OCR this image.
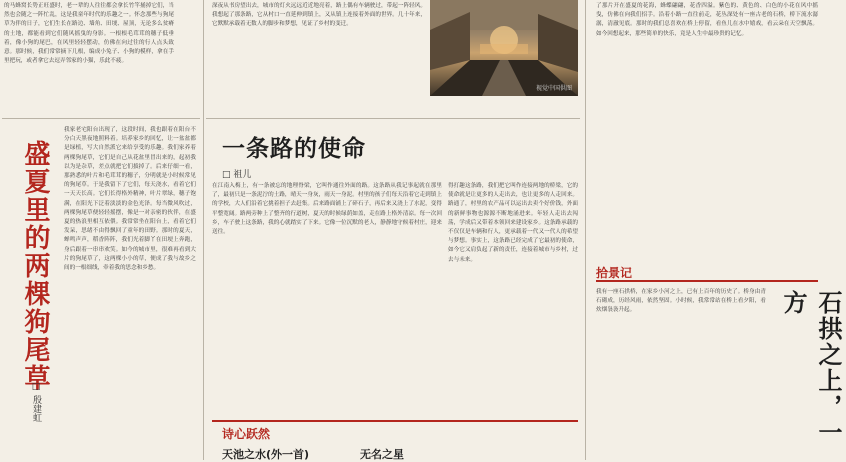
的马蜂窝长势正旺盛时，老一辈的人往往都会拿长竹竿捅掉它们，当然也会随之一阵忙乱，这是我童年时代的乐趣之一。怀念那些与狗尾草为伴的日子，它们生长在路边、墙角、田埂、屋顶，无论多么贫瘠的土地，都能看到它们随风摇曳的身影。一根根毛茸茸的穗子低垂着，像小狗的尾巴，在风里轻轻摆动，仿佛在向过往的行人点头致意。那时候，我们常常摘下几根，编成小兔子、小狗的模样，拿在手里把玩，或者拿它去逗弄邻家的小猫，乐此不疲。
盛夏里的两棵狗尾草
□ 殷建虹
我家老宅阳台出现了，这段时间，我也跟着在阳台不分白天黑夜地照料着。培养家乡的回忆，让一盆盆都是绿植，写大自然派它来给享受的乐趣。我们家养着两棵狗尾草，它们是自己从花盆里冒出来的，起初我以为是杂草，差点就把它们拔掉了。后来仔细一看，那熟悉的叶片和毛茸茸的穗子，分明就是小时候常见的狗尾草。于是我留下了它们，每天浇水，看着它们一天天长高。它们长得格外精神，叶片翠绿，穗子饱满，在阳光下泛着淡淡的金色光泽。每当微风吹过，两棵狗尾草便轻轻摇摆，像是一对亲密的伙伴，在盛夏的热浪里相互依偎。我常常坐在阳台上，看着它们发呆，思绪不由得飘回了童年的田野。那时的夏天，蝉鸣声声，稻香阵阵，我们光着脚丫在田埂上奔跑，身后跟着一串串欢笑。如今的城市里，很难再看到大片的狗尾草了，这两棵小小的草，便成了我与故乡之间的一根细线，牵着我的思念和乡愁。
深夜从书房望出去，城市的灯火远远近近地亮着，路上偶有车辆驶过，带起一阵轻风。我想起了那条路，它从村口一直延伸到镇上，又从镇上连接着外面的世界。几十年来，它默默承载着无数人的脚步和梦想，见证了乡村的变迁。
视觉中国供图
一条路的使命
□ 祖儿
在江南入梅上，有一条被忘的地理脊梁，它叫作通往外面的路。这条路从我记事起就在那里了，最初只是一条泥泞的土路，晴天一身灰，雨天一身泥。村里的孩子们每天沿着它走到镇上的学校，大人们沿着它挑着担子去赶集。后来路面铺上了碎石子，再后来又浇上了水泥，变得平整宽阔。路两旁种上了整齐的行道树，夏天的时候绿荫如盖，走在路上格外清凉。每一次回乡，车子驶上这条路，我的心就踏实了下来。它像一位沉默的老人，静静地守候着村庄，迎来送往。
得打趣这条路，我们把它叫作连接两地的桥梁，它的使命就是让更多的人走出去，也让更多的人走回来。路通了，村里的农产品可以运出去卖个好价钱，外面的新鲜事物也源源不断地涌进来。年轻人走出去闯荡，学成后又带着本领回来建设家乡。这条路承载的不仅仅是车辆和行人，更承载着一代又一代人的希望与梦想。事实上，这条路已经完成了它最初的使命，如今它又肩负起了新的责任，连接着城市与乡村，过去与未来。
诗心跃然
天池之水(外一首)	无名之星
了那片开在盛夏的花海，蜂蝶翩翩，花香四溢。紫色的、黄色的、白色的小花在风中摇曳，仿佛在向我们招手。沿着小路一直往前走，花丛深处有一座古老的石桥，桥下流水潺潺，清澈见底。那时的我们总喜欢在桥上停留，看鱼儿在水中嬉戏，看云朵在天空飘荡。如今回想起来，那些简单的快乐，竟是人生中最珍贵的记忆。
拾景记
我有一座石拱桥，在家乡小河之上，已有上百年的历史了。桥身由青石砌成，历经风雨，依然坚固。小时候，我常常站在桥上看夕阳，看炊烟袅袅升起。	石拱之上，一方
